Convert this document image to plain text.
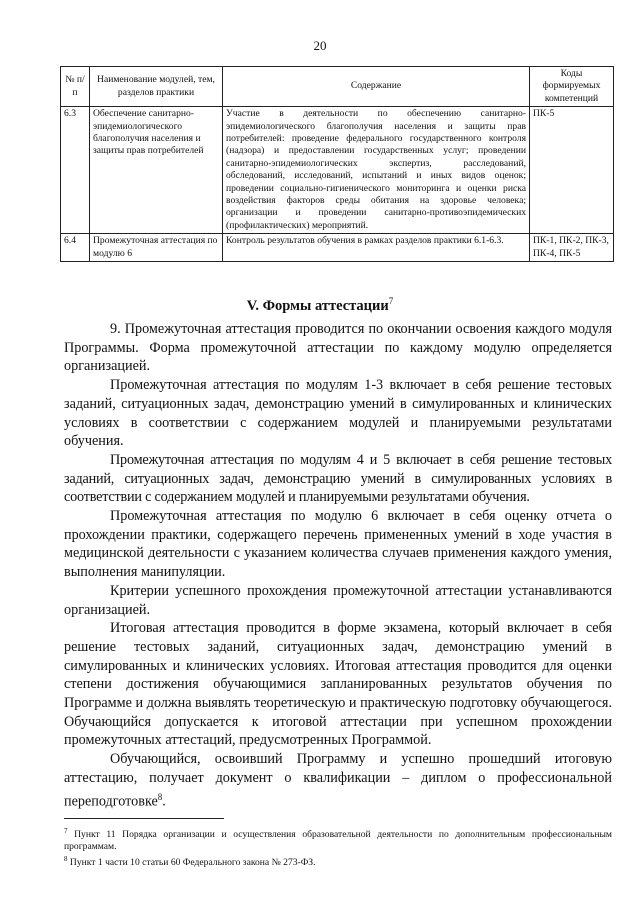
20
№ п/п	Наименование модулей, тем, разделов практики	Содержание	Коды формируемых компетенций
6.3	Обеспечение санитарно-эпидемиологического благополучия населения и защиты прав потребителей	Участие в деятельности по обеспечению санитарно-эпидемиологического благополучия населения и защиты прав потребителей: проведение федерального государственного контроля (надзора) и предоставлении государственных услуг; проведении санитарно-эпидемиологических экспертиз, расследований, обследований, исследований, испытаний и иных видов оценок; проведении социально-гигиенического мониторинга и оценки риска воздействия факторов среды обитания на здоровье человека; организации и проведении санитарно-противоэпидемических (профилактических) мероприятий.	ПК-5
6.4	Промежуточная аттестация по модулю 6	Контроль результатов обучения в рамках разделов практики 6.1-6.3.	ПК-1, ПК-2, ПК-3, ПК-4, ПК-5
V. Формы аттестации$^7$

9. Промежуточная аттестация проводится по окончании освоения каждого модуля Программы. Форма промежуточной аттестации по каждому модулю определяется организацией.

Промежуточная аттестация по модулям 1-3 включает в себя решение тестовых заданий, ситуационных задач, демонстрацию умений в симулированных и клинических условиях в соответствии с содержанием модулей и планируемыми результатами обучения.

Промежуточная аттестация по модулям 4 и 5 включает в себя решение тестовых заданий, ситуационных задач, демонстрацию умений в симулированных условиях в соответствии с содержанием модулей и планируемыми результатами обучения.

Промежуточная аттестация по модулю 6 включает в себя оценку отчета о прохождении практики, содержащего перечень примененных умений в ходе участия в медицинской деятельности с указанием количества случаев применения каждого умения, выполнения манипуляции.

Критерии успешного прохождения промежуточной аттестации устанавливаются организацией.

Итоговая аттестация проводится в форме экзамена, который включает в себя решение тестовых заданий, ситуационных задач, демонстрацию умений в симулированных и клинических условиях. Итоговая аттестация проводится для оценки степени достижения обучающимися запланированных результатов обучения по Программе и должна выявлять теоретическую и практическую подготовку обучающегося. Обучающийся допускается к итоговой аттестации при успешном прохождении промежуточных аттестаций, предусмотренных Программой.

Обучающийся, освоивший Программу и успешно прошедший итоговую аттестацию, получает документ о квалификации – диплом о профессиональной переподготовке$^8$.

$^7$ Пункт 11 Порядка организации и осуществления образовательной деятельности по дополнительным профессиональным программам.
$^8$ Пункт 1 части 10 статьи 60 Федерального закона № 273-ФЗ.
